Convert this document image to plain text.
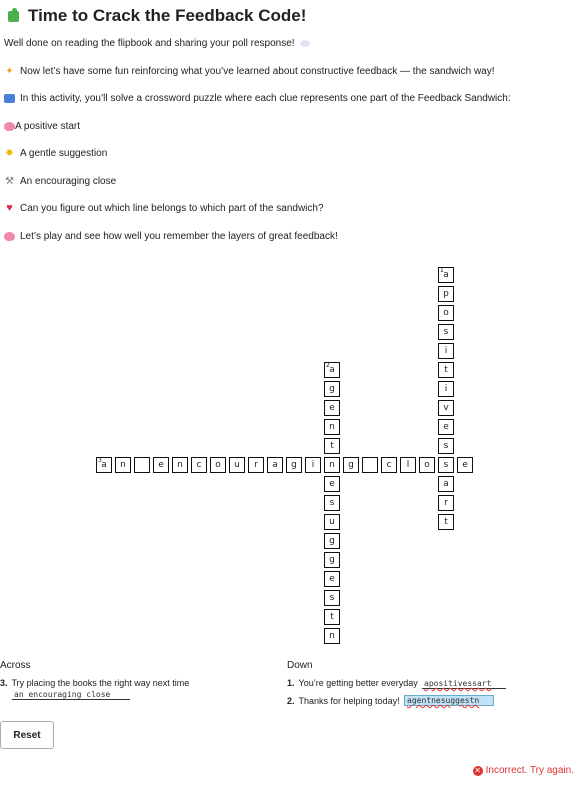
Time to Crack the Feedback Code!
Well done on reading the flipbook and sharing your poll response!
✦ Now let’s have some fun reinforcing what you’ve learned about constructive feedback — the sandwich way!
In this activity, you’ll solve a crossword puzzle where each clue represents one part of the Feedback Sandwich:
A positive start
✹ A gentle suggestion
⚒ An encouraging close
♥ Can you figure out which line belongs to which part of the sandwich?
Let’s play and see how well you remember the layers of great feedback!
1 a
p
o
s
i
t
i
v
e
s
s
a
r
t
2 a
g
e
n
t
n
e
s
u
g
g
e
s
t
n
3 a	n	e	n	c	o	u	r	a	g	i	g	c	l	o	e
Across
3. Try placing the books the right way next time
an encouraging close
Down
1. You’re getting better everyday apositivessart
2. Thanks for helping today! agentnesuggestn
Reset
✕ Incorrect. Try again.
